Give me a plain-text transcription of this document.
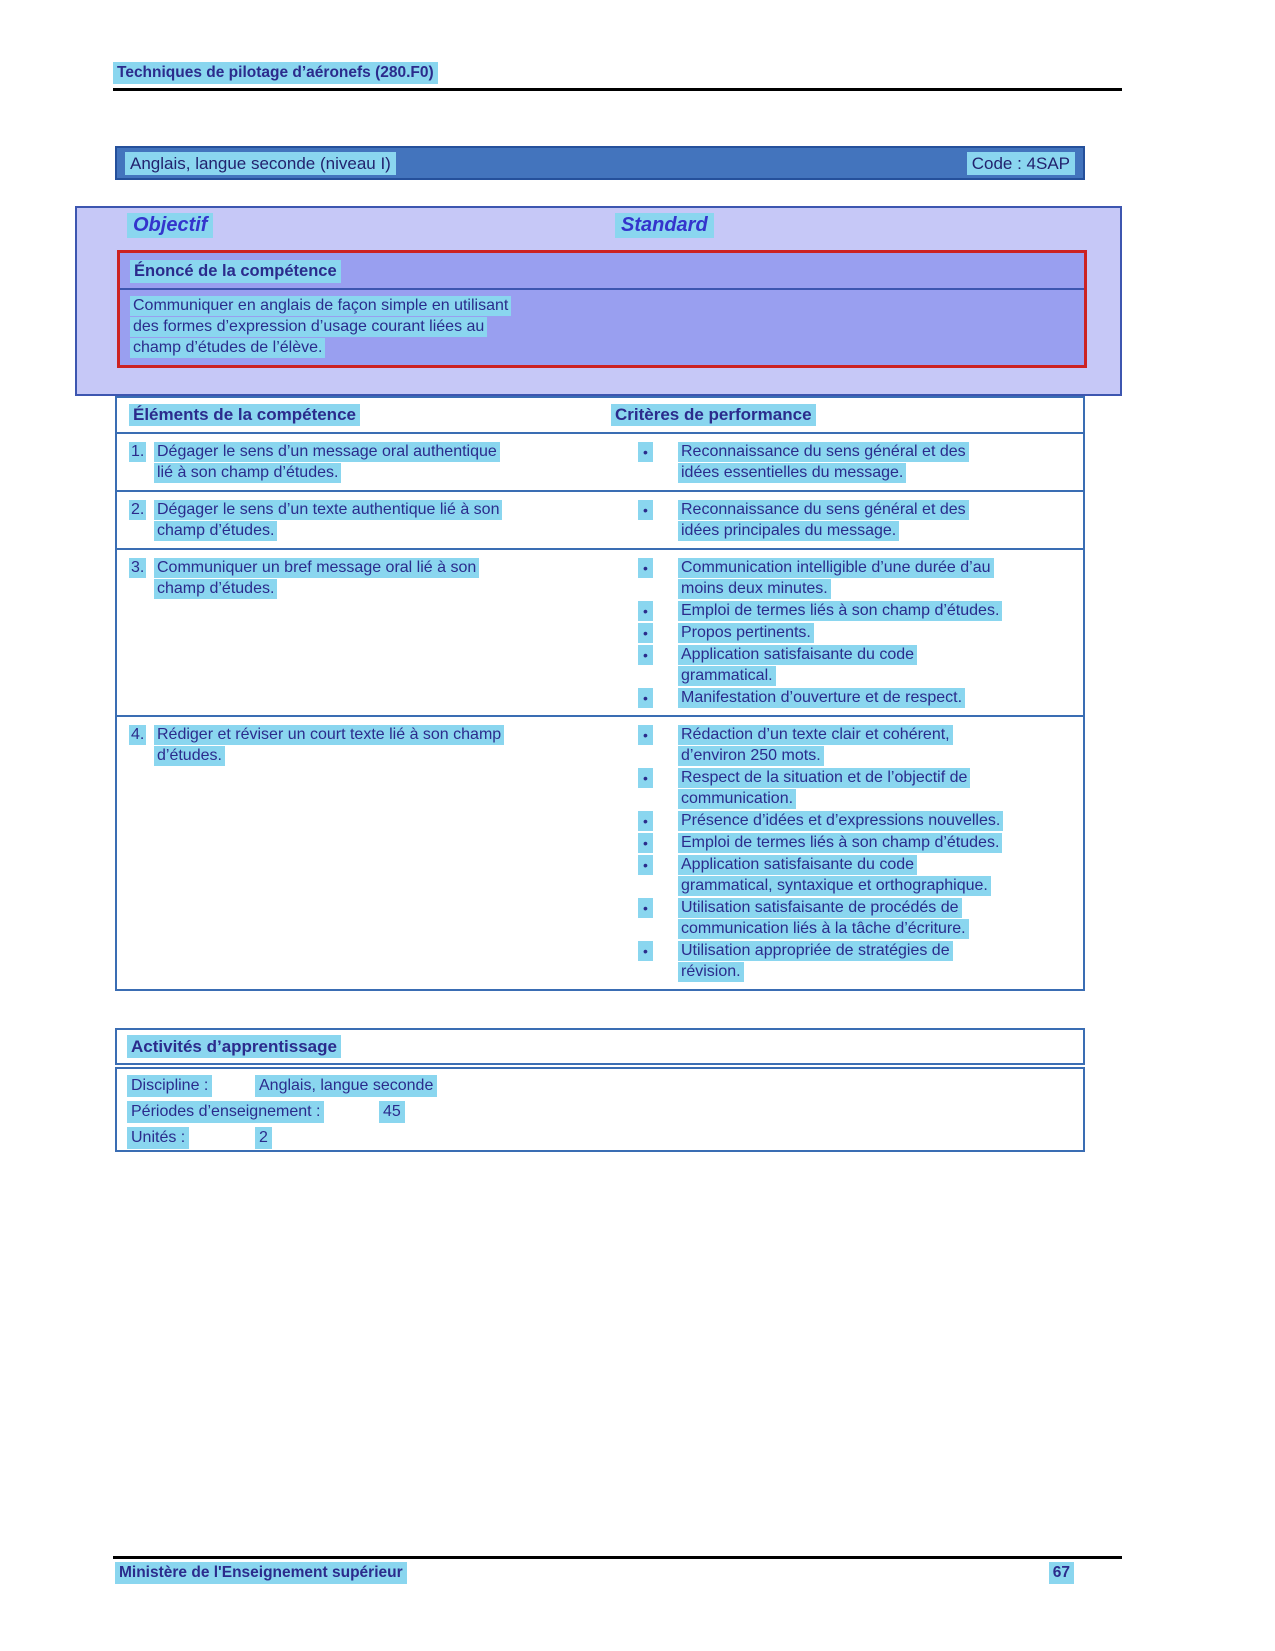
Techniques de pilotage d’aéronefs (280.F0)
Anglais, langue seconde (niveau I)	Code : 4SAP
Objectif	Standard
Énoncé de la compétence
Communiquer en anglais de façon simple en utilisant
des formes d’expression d’usage courant liées au
champ d’études de l’élève.
Éléments de la compétence	Critères de performance
1. Dégager le sens d’un message oral authentique
lié à son champ d’études.
•	Reconnaissance du sens général et des
idées essentielles du message.
2. Dégager le sens d’un texte authentique lié à son
champ d’études.
•	Reconnaissance du sens général et des
idées principales du message.
3. Communiquer un bref message oral lié à son
champ d’études.
•	Communication intelligible d’une durée d’au
moins deux minutes.
•	Emploi de termes liés à son champ d’études.
•	Propos pertinents.
•	Application satisfaisante du code
grammatical.
•	Manifestation d’ouverture et de respect.
4. Rédiger et réviser un court texte lié à son champ
d’études.
•	Rédaction d’un texte clair et cohérent,
d’environ 250 mots.
•	Respect de la situation et de l’objectif de
communication.
•	Présence d’idées et d’expressions nouvelles.
•	Emploi de termes liés à son champ d’études.
•	Application satisfaisante du code
grammatical, syntaxique et orthographique.
•	Utilisation satisfaisante de procédés de
communication liés à la tâche d’écriture.
•	Utilisation appropriée de stratégies de
révision.
Activités d’apprentissage
Discipline :	Anglais, langue seconde
Périodes d’enseignement :	45
Unités :	2
Ministère de l'Enseignement supérieur	67
